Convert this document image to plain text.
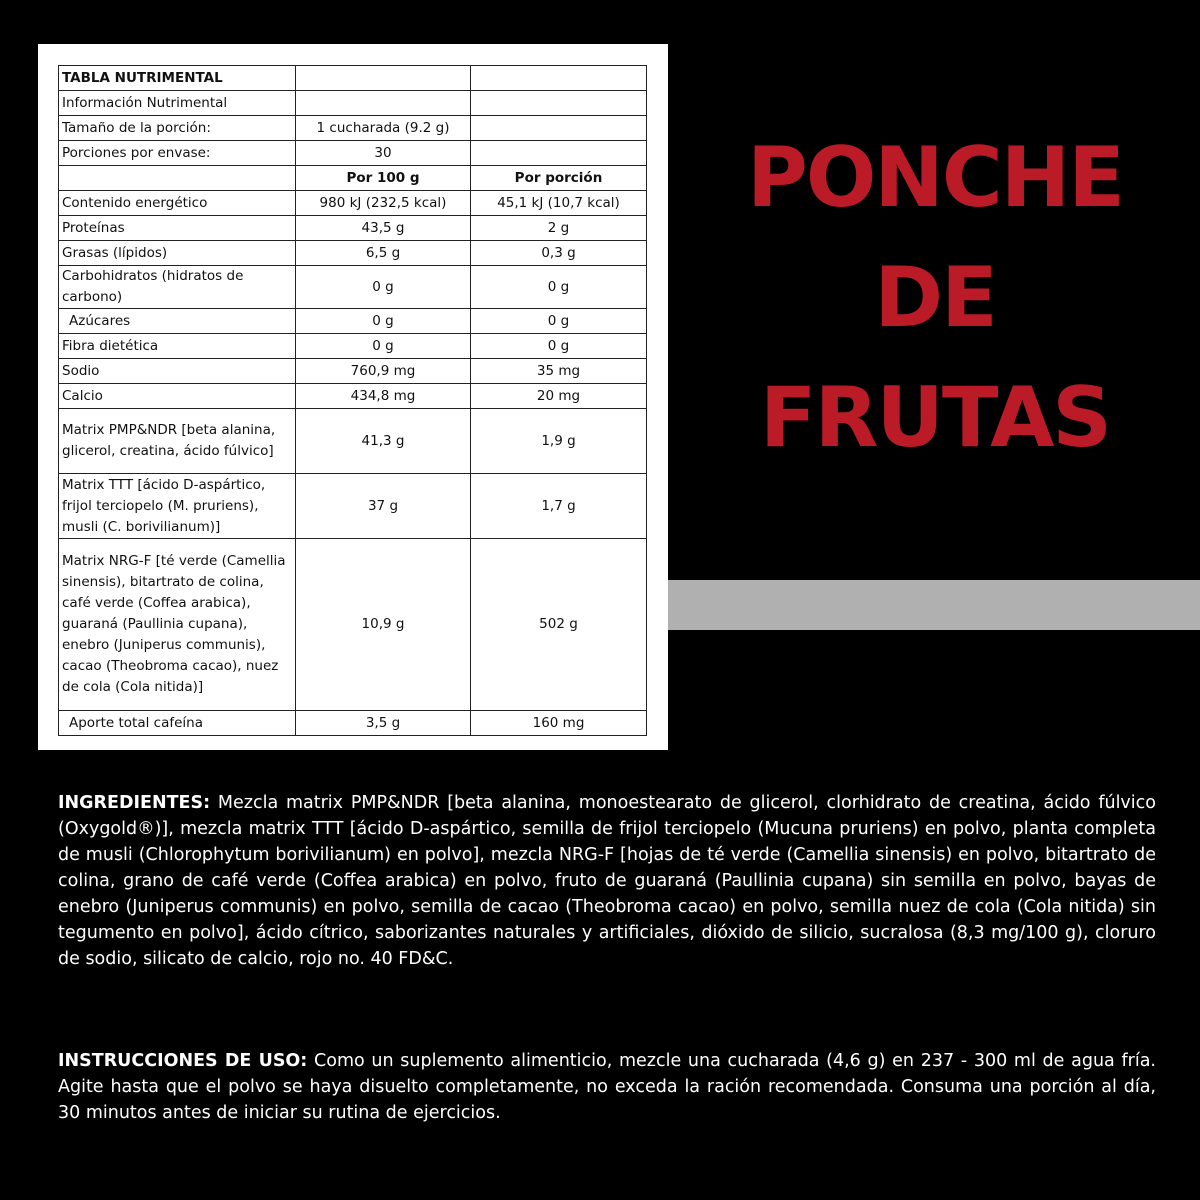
TABLA NUTRIMENTAL		
Información Nutrimental		
Tamaño de la porción:	1 cucharada (9.2 g)	
Porciones por envase:	30	
	Por 100 g	Por porción
Contenido energético	980 kJ (232,5 kcal)	45,1 kJ (10,7 kcal)
Proteínas	43,5 g	2 g
Grasas (lípidos)	6,5 g	0,3 g
Carbohidratos (hidratos de carbono)	0 g	0 g
Azúcares	0 g	0 g
Fibra dietética	0 g	0 g
Sodio	760,9 mg	35 mg
Calcio	434,8 mg	20 mg
Matrix PMP&NDR [beta alanina, glicerol, creatina, ácido fúlvico]	41,3 g	1,9 g
Matrix TTT [ácido D-aspártico, frijol terciopelo (M. pruriens), musli (C. borivilianum)]	37 g	1,7 g
Matrix NRG-F [té verde (Camellia sinensis), bitartrato de colina, café verde (Coffea arabica), guaraná (Paullinia cupana), enebro (Juniperus communis), cacao (Theobroma cacao), nuez de cola (Cola nitida)]	10,9 g	502 g
Aporte total cafeína	3,5 g	160 mg
PONCHE
DE
FRUTAS

INGREDIENTES: Mezcla matrix PMP&NDR [beta alanina, monoestearato de glicerol, clorhidrato de creatina, ácido fúlvico (Oxygold®)], mezcla matrix TTT [ácido D-aspártico, semilla de frijol terciopelo (Mucuna pruriens) en polvo, planta completa de musli (Chlorophytum borivilianum) en polvo], mezcla NRG-F [hojas de té verde (Camellia sinensis) en polvo, bitartrato de colina, grano de café verde (Coffea arabica) en polvo, fruto de guaraná (Paullinia cupana) sin semilla en polvo, bayas de enebro (Juniperus communis) en polvo, semilla de cacao (Theobroma cacao) en polvo, semilla nuez de cola (Cola nitida) sin tegumento en polvo], ácido cítrico, saborizantes naturales y artificiales, dióxido de silicio, sucralosa (8,3 mg/100 g), cloruro de sodio, silicato de calcio, rojo no. 40 FD&C.

INSTRUCCIONES DE USO: Como un suplemento alimenticio, mezcle una cucharada (4,6 g) en 237 - 300 ml de agua fría. Agite hasta que el polvo se haya disuelto completamente, no exceda la ración recomendada. Consuma una porción al día, 30 minutos antes de iniciar su rutina de ejercicios.
